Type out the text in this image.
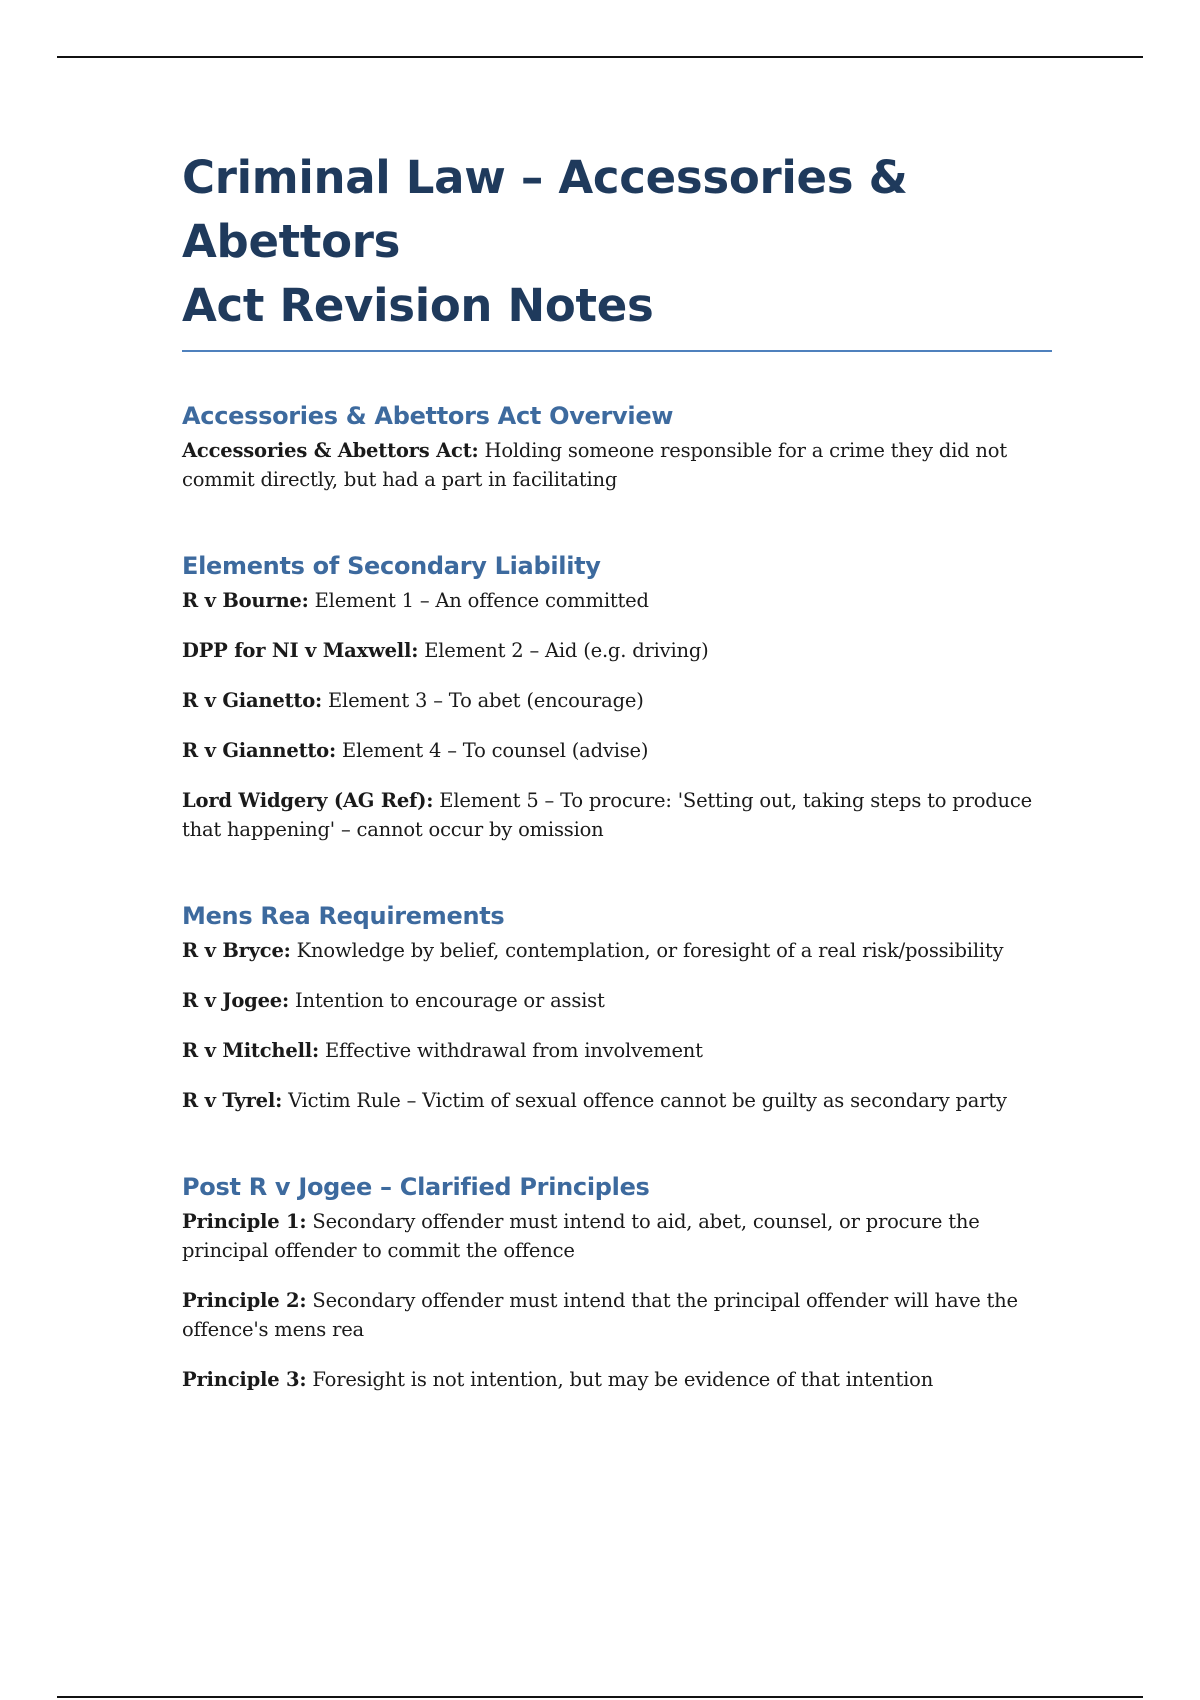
Criminal Law – Accessories & Abettors
Act Revision Notes
Accessories & Abettors Act Overview

Accessories & Abettors Act: Holding someone responsible for a crime they did not commit directly, but had a part in facilitating

Elements of Secondary Liability

R v Bourne: Element 1 – An offence committed

DPP for NI v Maxwell: Element 2 – Aid (e.g. driving)

R v Gianetto: Element 3 – To abet (encourage)

R v Giannetto: Element 4 – To counsel (advise)

Lord Widgery (AG Ref): Element 5 – To procure: 'Setting out, taking steps to produce that happening' – cannot occur by omission

Mens Rea Requirements

R v Bryce: Knowledge by belief, contemplation, or foresight of a real risk/possibility

R v Jogee: Intention to encourage or assist

R v Mitchell: Effective withdrawal from involvement

R v Tyrel: Victim Rule – Victim of sexual offence cannot be guilty as secondary party

Post R v Jogee – Clarified Principles

Principle 1: Secondary offender must intend to aid, abet, counsel, or procure the principal offender to commit the offence

Principle 2: Secondary offender must intend that the principal offender will have the offence's mens rea

Principle 3: Foresight is not intention, but may be evidence of that intention
